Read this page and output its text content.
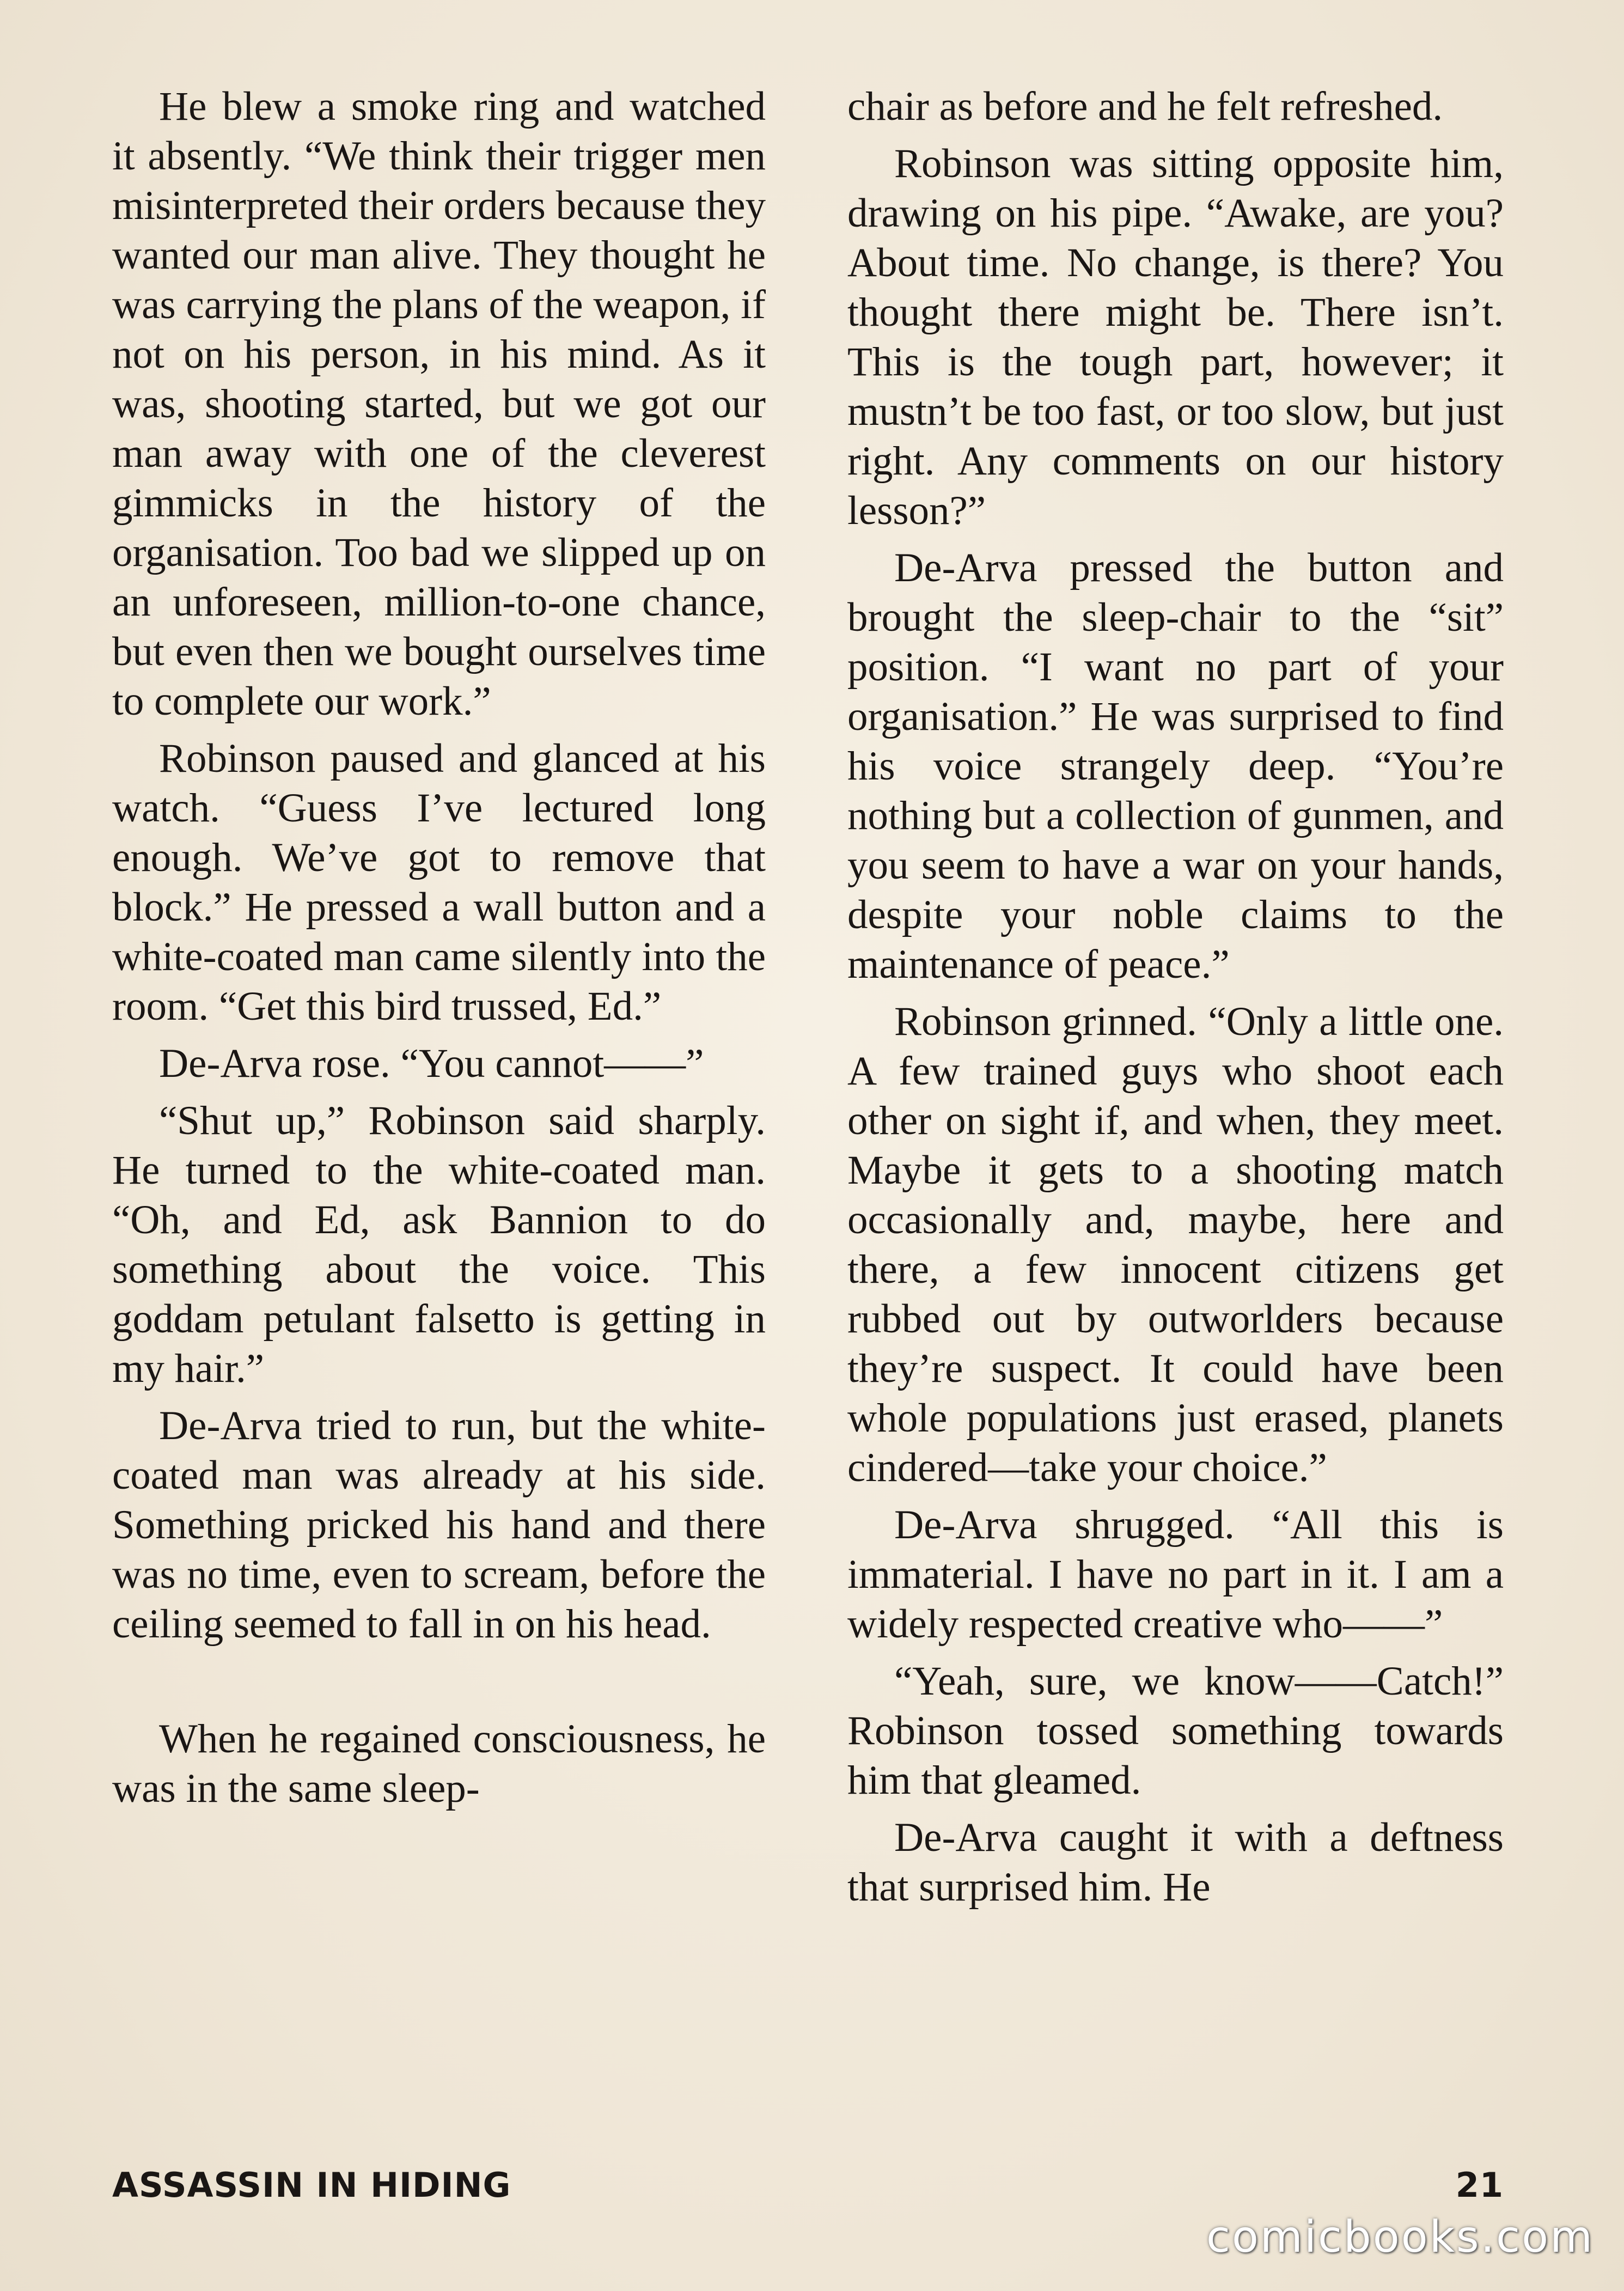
He blew a smoke ring and watched it absently. “We think their trigger men misinterpreted their orders because they wanted our man alive. They thought he was carrying the plans of the weapon, if not on his person, in his mind. As it was, shooting started, but we got our man away with one of the cleverest gimmicks in the history of the organisation. Too bad we slipped up on an unforeseen, million-to-one chance, but even then we bought ourselves time to complete our work.”

Robinson paused and glanced at his watch. “Guess I’ve lectured long enough. We’ve got to remove that block.” He pressed a wall button and a white-coated man came silently into the room. “Get this bird trussed, Ed.”

De-Arva rose. “You cannot——”

“Shut up,” Robinson said sharply. He turned to the white-coated man. “Oh, and Ed, ask Bannion to do something about the voice. This goddam petulant falsetto is getting in my hair.”

De-Arva tried to run, but the white-coated man was already at his side. Something pricked his hand and there was no time, even to scream, before the ceiling seemed to fall in on his head.

When he regained consciousness, he was in the same sleep-

chair as before and he felt refreshed.

Robinson was sitting opposite him, drawing on his pipe. “Awake, are you? About time. No change, is there? You thought there might be. There isn’t. This is the tough part, however; it mustn’t be too fast, or too slow, but just right. Any comments on our history lesson?”

De-Arva pressed the button and brought the sleep-chair to the “sit” position. “I want no part of your organisation.” He was surprised to find his voice strangely deep. “You’re nothing but a collection of gunmen, and you seem to have a war on your hands, despite your noble claims to the maintenance of peace.”

Robinson grinned. “Only a little one. A few trained guys who shoot each other on sight if, and when, they meet. Maybe it gets to a shooting match occasionally and, maybe, here and there, a few innocent citizens get rubbed out by outworlders because they’re suspect. It could have been whole populations just erased, planets cindered—take your choice.”

De-Arva shrugged. “All this is immaterial. I have no part in it. I am a widely respected creative who——”

“Yeah, sure, we know——Catch!” Robinson tossed something towards him that gleamed.

De-Arva caught it with a deftness that surprised him. He

ASSASSIN IN HIDING	21
comicbooks.com
